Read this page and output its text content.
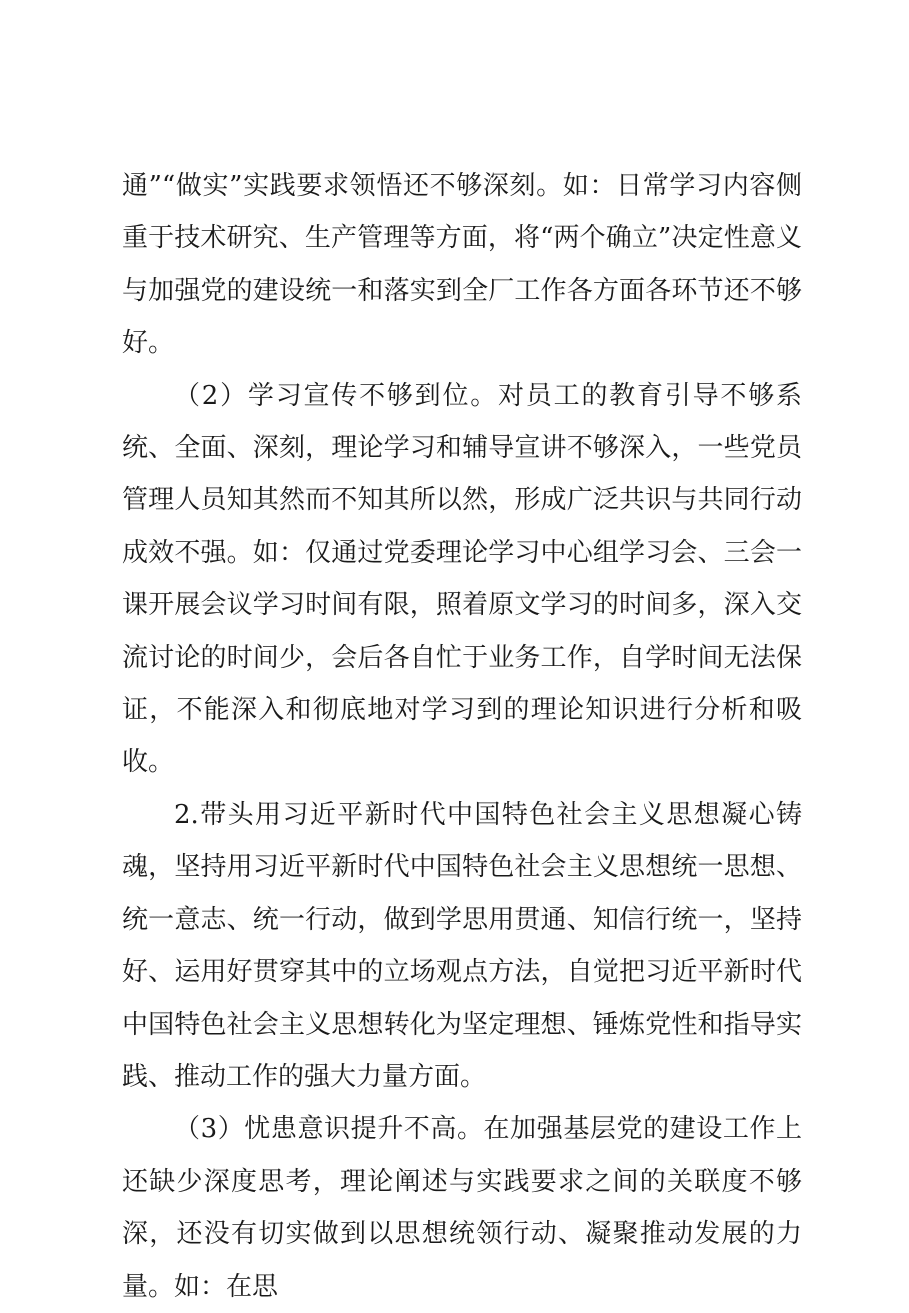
通”“做实”实践要求领悟还不够深刻。如：日常学习内容侧重于技术研究、生产管理等方面，将“两个确立”决定性意义与加强党的建设统一和落实到全厂工作各方面各环节还不够好。

（2）学习宣传不够到位。对员工的教育引导不够系统、全面、深刻，理论学习和辅导宣讲不够深入，一些党员管理人员知其然而不知其所以然，形成广泛共识与共同行动成效不强。如：仅通过党委理论学习中心组学习会、三会一课开展会议学习时间有限，照着原文学习的时间多，深入交流讨论的时间少，会后各自忙于业务工作，自学时间无法保证，不能深入和彻底地对学习到的理论知识进行分析和吸收。

2.带头用习近平新时代中国特色社会主义思想凝心铸魂，坚持用习近平新时代中国特色社会主义思想统一思想、统一意志、统一行动，做到学思用贯通、知信行统一，坚持好、运用好贯穿其中的立场观点方法，自觉把习近平新时代中国特色社会主义思想转化为坚定理想、锤炼党性和指导实践、推动工作的强大力量方面。

（3）忧患意识提升不高。在加强基层党的建设工作上还缺少深度思考，理论阐述与实践要求之间的关联度不够深，还没有切实做到以思想统领行动、凝聚推动发展的力量。如：在思
